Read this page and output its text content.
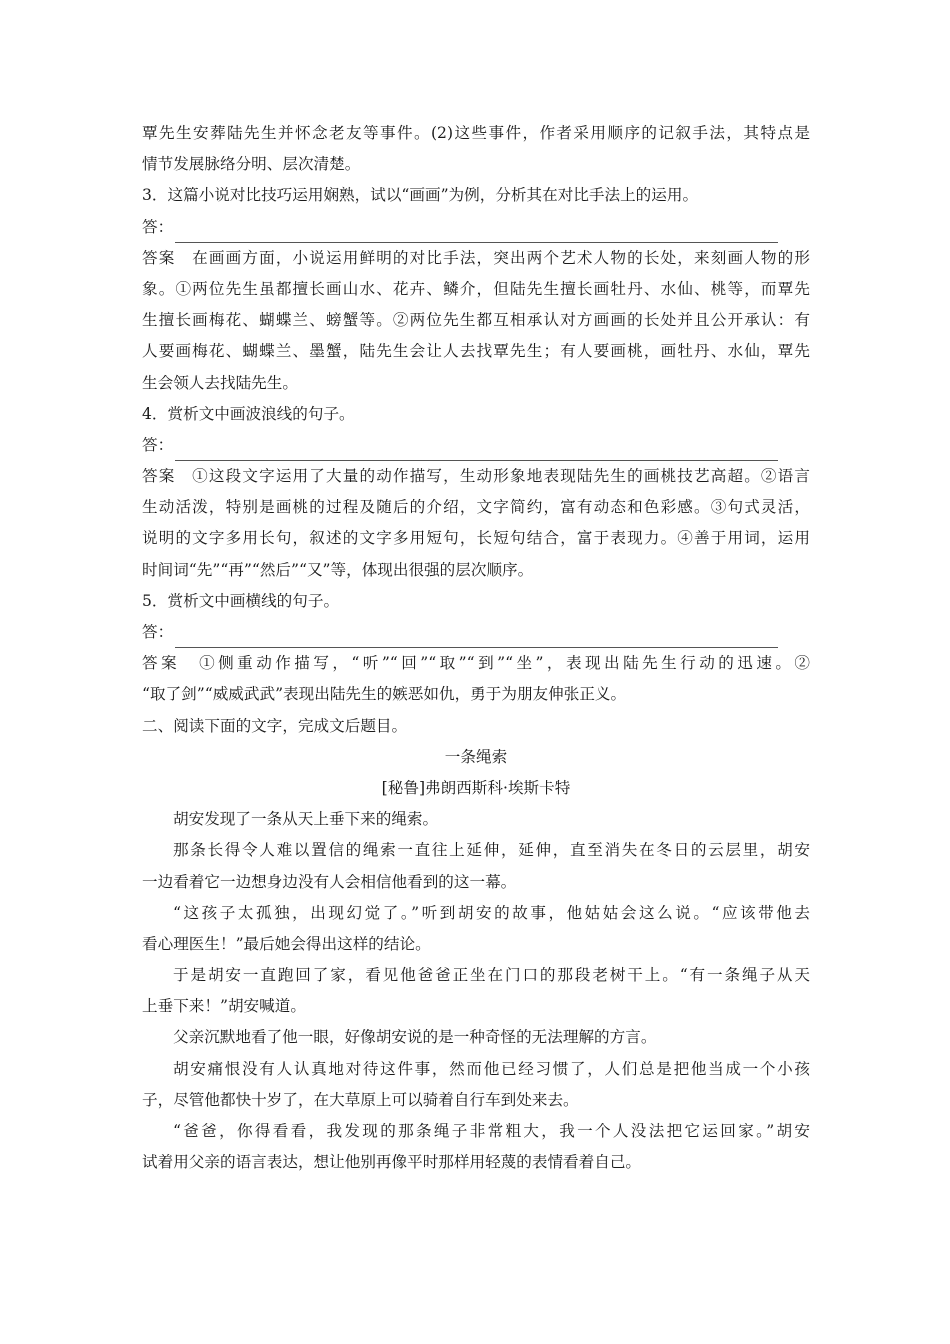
覃先生安葬陆先生并怀念老友等事件。(2)这些事件，作者采用顺序的记叙手法，其特点是
情节发展脉络分明、层次清楚。
3．这篇小说对比技巧运用娴熟，试以“画画”为例，分析其在对比手法上的运用。
答：
答案　在画画方面，小说运用鲜明的对比手法，突出两个艺术人物的长处，来刻画人物的形
象。①两位先生虽都擅长画山水、花卉、鳞介，但陆先生擅长画牡丹、水仙、桃等，而覃先
生擅长画梅花、蝴蝶兰、螃蟹等。②两位先生都互相承认对方画画的长处并且公开承认：有
人要画梅花、蝴蝶兰、墨蟹，陆先生会让人去找覃先生；有人要画桃，画牡丹、水仙，覃先
生会领人去找陆先生。
4．赏析文中画波浪线的句子。
答：
答案　①这段文字运用了大量的动作描写，生动形象地表现陆先生的画桃技艺高超。②语言
生动活泼，特别是画桃的过程及随后的介绍，文字简约，富有动态和色彩感。③句式灵活，
说明的文字多用长句，叙述的文字多用短句，长短句结合，富于表现力。④善于用词，运用
时间词“先”“再”“然后”“又”等，体现出很强的层次顺序。
5．赏析文中画横线的句子。
答：
答案　①侧重动作描写，“听”“回”“取”“到”“坐”，表现出陆先生行动的迅速。②
“取了剑”“威威武武”表现出陆先生的嫉恶如仇，勇于为朋友伸张正义。
二、阅读下面的文字，完成文后题目。
一条绳索
[秘鲁]弗朗西斯科·埃斯卡特
胡安发现了一条从天上垂下来的绳索。
那条长得令人难以置信的绳索一直往上延伸，延伸，直至消失在冬日的云层里，胡安
一边看着它一边想身边没有人会相信他看到的这一幕。
“这孩子太孤独，出现幻觉了。”听到胡安的故事，他姑姑会这么说。“应该带他去
看心理医生！”最后她会得出这样的结论。
于是胡安一直跑回了家，看见他爸爸正坐在门口的那段老树干上。“有一条绳子从天
上垂下来！”胡安喊道。
父亲沉默地看了他一眼，好像胡安说的是一种奇怪的无法理解的方言。
胡安痛恨没有人认真地对待这件事，然而他已经习惯了，人们总是把他当成一个小孩
子，尽管他都快十岁了，在大草原上可以骑着自行车到处来去。
“爸爸，你得看看，我发现的那条绳子非常粗大，我一个人没法把它运回家。”胡安
试着用父亲的语言表达，想让他别再像平时那样用轻蔑的表情看着自己。
